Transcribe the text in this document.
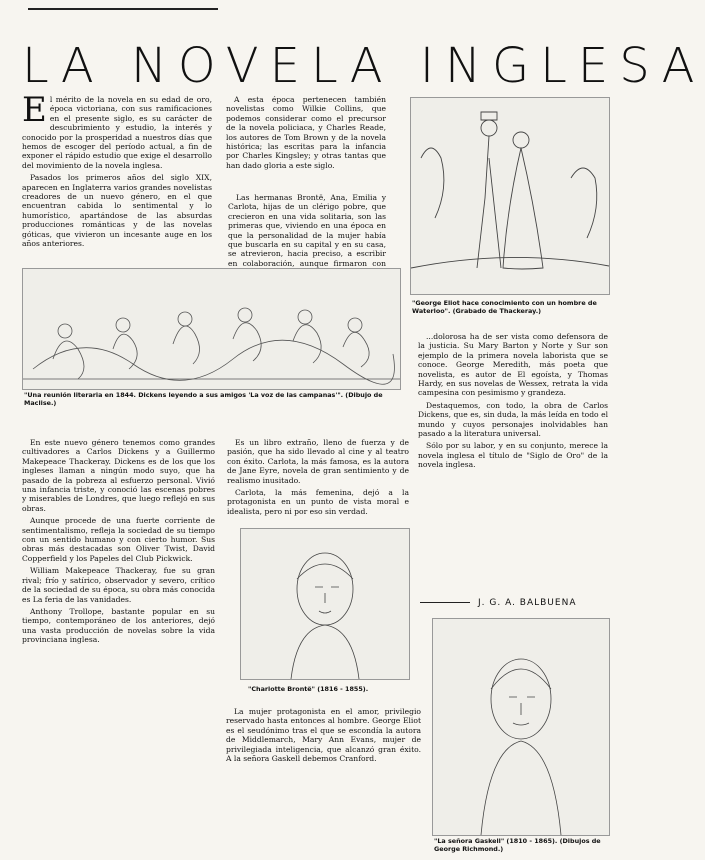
LA NOVELA INGLESA

El mérito de la novela en su edad de oro, época victoriana, con sus ramificaciones en el presente siglo, es su carácter de descubrimiento y estudio, la interés y conocido por la prosperidad a nuestros días que hemos de escoger del período actual, a fin de exponer el rápido estudio que exige el desarrollo del movimiento de la novela inglesa.

Pasados los primeros años del siglo XIX, aparecen en Inglaterra varios grandes novelistas creadores de un nuevo género, en el que encuentran cabida lo sentimental y lo humorístico, apartándose de las absurdas producciones románticas y de las novelas góticas, que vivieron un incesante auge en los años anteriores.

A esta época pertenecen también novelistas como Wilkie Collins, que podemos considerar como el precursor de la novela policiaca, y Charles Reade, los autores de Tom Brown y de la novela histórica; las escritas para la infancia por Charles Kingsley; y otras tantas que han dado gloria a este siglo.

Las hermanas Brontë, Ana, Emilia y Carlota, hijas de un clérigo pobre, que crecieron en una vida solitaria, son las primeras que, viviendo en una época en que la personalidad de la mujer había que buscarla en su capital y en su casa, se atrevieron, hacia preciso, a escribir en colaboración, aunque firmaron con

"Una reunión literaria en 1844. Dickens leyendo a sus amigos 'La voz de las campanas'". (Dibujo de Maclise.)

En este nuevo género tenemos como grandes cultivadores a Carlos Dickens y a Guillermo Makepeace Thackeray. Dickens es de los que los ingleses llaman a ningún modo suyo, que ha pasado de la pobreza al esfuerzo personal. Vivió una infancia triste, y conoció las escenas pobres y miserables de Londres, que luego reflejó en sus obras.

Aunque procede de una fuerte corriente de sentimentalismo, refleja la sociedad de su tiempo con un sentido humano y con cierto humor. Sus obras más destacadas son Oliver Twist, David Copperfield y los Papeles del Club Pickwick.

William Makepeace Thackeray, fue su gran rival; frío y satírico, observador y severo, crítico de la sociedad de su época, su obra más conocida es La feria de las vanidades.

Anthony Trollope, bastante popular en su tiempo, contemporáneo de los anteriores, dejó una vasta producción de novelas sobre la vida provinciana inglesa.

Es un libro extraño, lleno de fuerza y de pasión, que ha sido llevado al cine y al teatro con éxito. Carlota, la más famosa, es la autora de Jane Eyre, novela de gran sentimiento y de realismo inusitado.

Carlota, la más femenina, dejó a la protagonista en un punto de vista moral e idealista, pero ni por eso sin verdad.

"Charlotte Brontë" (1816 - 1855).

La mujer protagonista en el amor, privilegio reservado hasta entonces al hombre. George Eliot es el seudónimo tras el que se escondía la autora de Middlemarch, Mary Ann Evans, mujer de privilegiada inteligencia, que alcanzó gran éxito. A la señora Gaskell debemos Cranford.

"George Eliot hace conocimiento con un hombre de Waterloo". (Grabado de Thackeray.)

...dolorosa ha de ser vista como defensora de la justicia. Su Mary Barton y Norte y Sur son ejemplo de la primera novela laborista que se conoce. George Meredith, más poeta que novelista, es autor de El egoísta, y Thomas Hardy, en sus novelas de Wessex, retrata la vida campesina con pesimismo y grandeza.

Destaquemos, con todo, la obra de Carlos Dickens, que es, sin duda, la más leída en todo el mundo y cuyos personajes inolvidables han pasado a la literatura universal.

Sólo por su labor, y en su conjunto, merece la novela inglesa el título de "Siglo de Oro" de la novela inglesa.

J. G. A. BALBUENA
"La señora Gaskell" (1810 - 1865). (Dibujos de George Richmond.)
